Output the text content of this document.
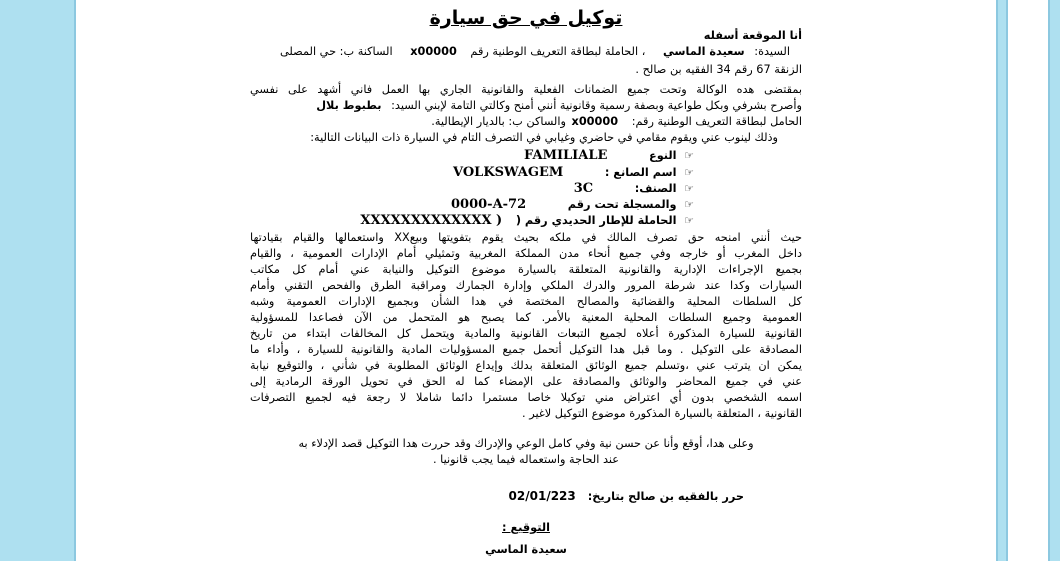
توكيل في حق سيارة
أنا الموقعة أسفله
السيدة: سعيدة الماسي ، الحاملة لبطاقة التعريف الوطنية رقم x00000 الساكنة ب: حي المصلى
الزنقة 67 رقم 34 الفقيه بن صالح .
بمقتضى هده الوكالة وتحت جميع الضمانات الفعلية والقانونية الجاري بها العمل فاني أشهد على نفسي
وأصرح بشرفي وبكل طواعية وبصفة رسمية وقانونية أنني أمنح وكالتي التامة لإبني السيد: بطبوط بلال
الحامل لبطاقة التعريف الوطنية رقم: x00000 والساكن ب: بالديار الإيطالية.
وذلك لينوب عني ويقوم مقامي في حاضري وغيابي في التصرف التام في السيارة ذات البيانات التالية:
☞ النوع FAMILIALE
☞ اسم الصانع : VOLKSWAGEM
☞ الصنف: 3C
☞ والمسجلة تحت رقم 0000-A-72
☞ الحاملة للإطار الحديدي رقم ( XXXXXXXXXXXXX )
حيث أنني امنحه حق تصرف المالك في ملكه بحيث يقوم بتفويتها وبيعXX واستعمالها والقيام بقيادتها
داخل المغرب أو خارجه وفي جميع أنحاء مدن المملكة المغربية وتمثيلي أمام الإدارات العمومية ، والقيام
بجميع الإجراءات الإدارية والقانونية المتعلقة بالسيارة موضوع التوكيل والنيابة عني أمام كل مكاتب
السيارات وكدا عند شرطة المرور والدرك الملكي وإدارة الجمارك ومراقبة الطرق والفحص التقني وأمام
كل السلطات المحلية والقضائية والمصالح المختصة في هدا الشأن وبجميع الإدارات العمومية وشبه
العمومية وجميع السلطات المحلية المعنية بالأمر. كما يصبح هو المتحمل من الآن فصاعدا للمسؤولية
القانونية للسيارة المذكورة أعلاه لجميع التبعات القانونية والمادية ويتحمل كل المخالفات ابتداء من تاريخ
المصادقة على التوكيل . وما قبل هدا التوكيل أتحمل جميع المسؤوليات المادية والقانونية للسيارة ، وأداء ما
يمكن ان يترتب عني ،وتسلم جميع الوثائق المتعلقة بدلك وإيداع الوثائق المطلوبة في شأني ، والتوقيع نيابة
عني في جميع المحاضر والوثائق والمصادقة على الإمضاء كما له الحق في تحويل الورقة الرمادية إلى
اسمه الشخصي بدون أي اعتراض مني توكيلا خاصا مستمرا دائما شاملا لا رجعة فيه لجميع التصرفات
القانونية ، المتعلقة بالسيارة المذكورة موضوع التوكيل لاغير .
وعلى هدا، أوقع وأنا عن حسن نية وفي كامل الوعي والإدراك وقد حررت هدا التوكيل قصد الإدلاء به
عند الحاجة واستعماله فيما يجب قانونيا .
حرر بالفقيه بن صالح بتاريخ: 02/01/223
التوقيع :
سعيدة الماسي
